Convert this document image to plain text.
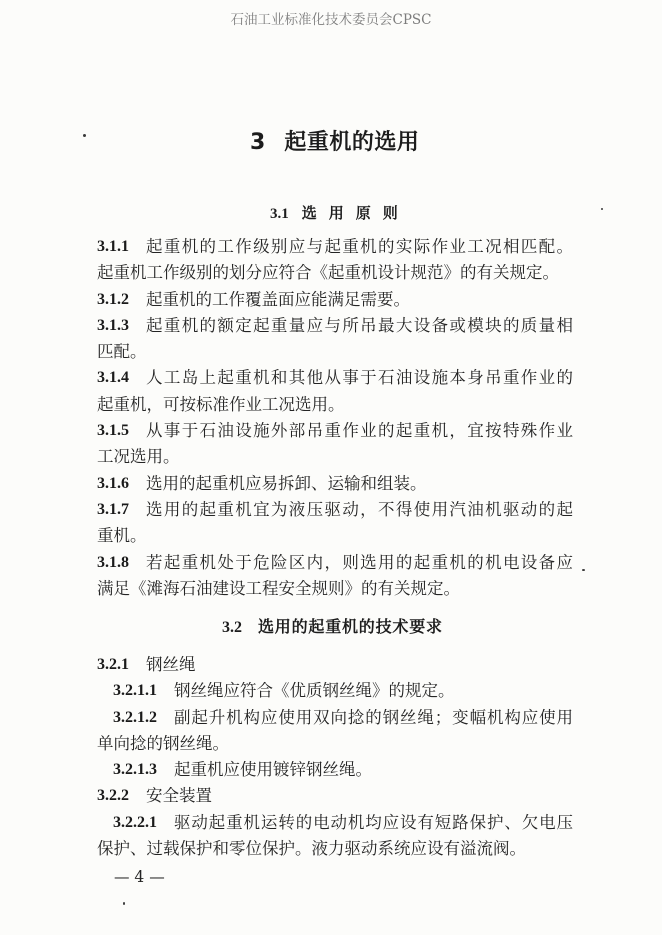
石油工业标准化技术委员会CPSC
3 起重机的选用
3.1 选用原则
3.1.1 起重机的工作级别应与起重机的实际作业工况相匹配。
起重机工作级别的划分应符合《起重机设计规范》的有关规定。
3.1.2 起重机的工作覆盖面应能满足需要。
3.1.3 起重机的额定起重量应与所吊最大设备或模块的质量相
匹配。
3.1.4 人工岛上起重机和其他从事于石油设施本身吊重作业的
起重机，可按标准作业工况选用。
3.1.5 从事于石油设施外部吊重作业的起重机，宜按特殊作业
工况选用。
3.1.6 选用的起重机应易拆卸、运输和组装。
3.1.7 选用的起重机宜为液压驱动，不得使用汽油机驱动的起
重机。
3.1.8 若起重机处于危险区内，则选用的起重机的机电设备应
满足《滩海石油建设工程安全规则》的有关规定。
3.2 选用的起重机的技术要求
3.2.1 钢丝绳
3.2.1.1 钢丝绳应符合《优质钢丝绳》的规定。
3.2.1.2 副起升机构应使用双向捻的钢丝绳；变幅机构应使用
单向捻的钢丝绳。
3.2.1.3 起重机应使用镀锌钢丝绳。
3.2.2 安全装置
3.2.2.1 驱动起重机运转的电动机均应设有短路保护、欠电压
保护、过载保护和零位保护。液力驱动系统应设有溢流阀。
— 4 —
